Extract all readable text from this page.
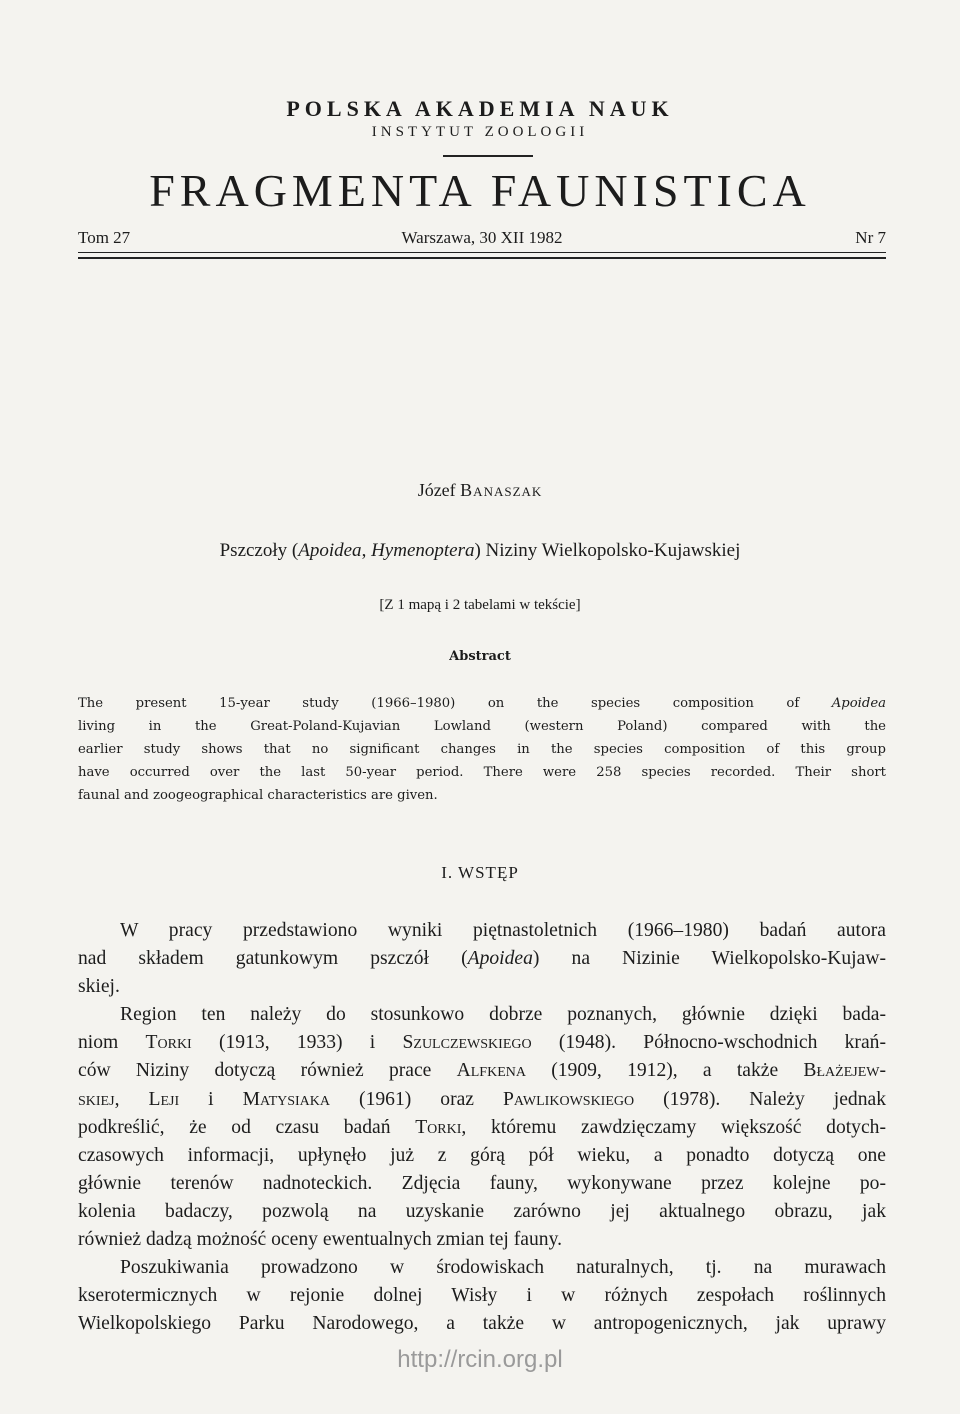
POLSKA AKADEMIA NAUK
INSTYTUT ZOOLOGII
FRAGMENTA FAUNISTICA
Tom 27	Warszawa, 30 XII 1982	Nr 7
Józef Banaszak
Pszczoły (Apoidea, Hymenoptera) Niziny Wielkopolsko-Kujawskiej
[Z 1 mapą i 2 tabelami w tekście]
Abstract
The present 15-year study (1966–1980) on the species composition of Apoidea
living in the Great-Poland-Kujavian Lowland (western Poland) compared with the
earlier study shows that no significant changes in the species composition of this group
have occurred over the last 50-year period. There were 258 species recorded. Their short
faunal and zoogeographical characteristics are given.
I. WSTĘP
W pracy przedstawiono wyniki piętnastoletnich (1966–1980) badań autora
nad składem gatunkowym pszczół (Apoidea) na Nizinie Wielkopolsko-Kujaw-
skiej.
Region ten należy do stosunkowo dobrze poznanych, głównie dzięki bada-
niom Torki (1913, 1933) i Szulczewskiego (1948). Północno-wschodnich krań-
ców Niziny dotyczą również prace Alfkena (1909, 1912), a także Błażejew-
skiej, Leji i Matysiaka (1961) oraz Pawlikowskiego (1978). Należy jednak
podkreślić, że od czasu badań Torki, któremu zawdzięczamy większość dotych-
czasowych informacji, upłynęło już z górą pół wieku, a ponadto dotyczą one
głównie terenów nadnoteckich. Zdjęcia fauny, wykonywane przez kolejne po-
kolenia badaczy, pozwolą na uzyskanie zarówno jej aktualnego obrazu, jak
również dadzą możność oceny ewentualnych zmian tej fauny.
Poszukiwania prowadzono w środowiskach naturalnych, tj. na murawach
kserotermicznych w rejonie dolnej Wisły i w różnych zespołach roślinnych
Wielkopolskiego Parku Narodowego, a także w antropogenicznych, jak uprawy
http://rcin.org.pl
